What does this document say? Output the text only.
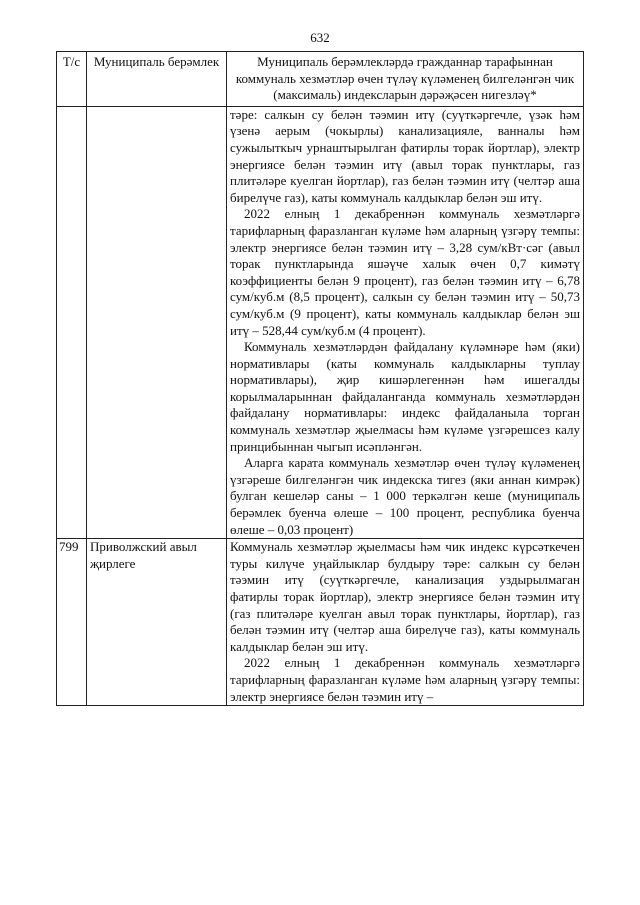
632
Т/с	Муниципаль берәмлек	Муниципаль берәмлекләрдә гражданнар тарафыннан коммуналь хезмәтләр өчен түләү күләменең билгеләнгән чик (максималь) индексларын дәрәҗәсен нигезләү*

		тәре: салкын су белән тәэмин итү (суүткәргечле, үзәк һәм үзенә аерым (чокырлы) канализацияле, ванналы һәм сужылыткыч урнаштырылган фатирлы торак йортлар), электр энергиясе белән тәэмин итү (авыл торак пунктлары, газ плитәләре куелган йортлар), газ белән тәэмин итү (челтәр аша бирелүче газ), каты коммуналь калдыклар белән эш итү.
2022 елның 1 декабреннән коммуналь хезмәтләргә тарифларның фаразланган күләме һәм аларның үзгәрү темпы: электр энергиясе белән тәэмин итү – 3,28 сум/кВт·сәг (авыл торак пунктларында яшәүче халык өчен 0,7 кимәтү коэффициенты белән 9 процент), газ белән тәэмин итү – 6,78 сум/куб.м (8,5 процент), салкын су белән тәэмин итү – 50,73 сум/куб.м (9 процент), каты коммуналь калдыклар белән эш итү – 528,44 сум/куб.м (4 процент).
Коммуналь хезмәтләрдән файдалану күләмнәре һәм (яки) нормативлары (каты коммуналь калдыкларны туплау нормативлары), җир кишәрлегеннән һәм ишегалды корылмаларыннан файдаланганда коммуналь хезмәтләрдән файдалану нормативлары: индекс файдаланыла торган коммуналь хезмәтләр җыелмасы һәм күләме үзгәрешсез калу принцибыннан чыгып исәпләнгән.
Аларга карата коммуналь хезмәтләр өчен түләү күләменең үзгәреше билгеләнгән чик индекска тигез (яки аннан кимрәк) булган кешеләр саны – 1 000 теркәлгән кеше (муниципаль берәмлек буенча өлеше – 100 процент, республика буенча өлеше – 0,03 процент)

799	Приволжский авыл җирлеге	Коммуналь хезмәтләр җыелмасы һәм чик индекс күрсәткечен туры килүче уңайлыклар булдыру тәре: салкын су белән тәэмин итү (суүткәргечле, канализация уздырылмаган фатирлы торак йортлар), электр энергиясе белән тәэмин итү (газ плитәләре куелган авыл торак пунктлары, йортлар), газ белән тәэмин итү (челтәр аша бирелүче газ), каты коммуналь калдыклар белән эш итү.
2022 елның 1 декабреннән коммуналь хезмәтләргә тарифларның фаразланган күләме һәм аларның үзгәрү темпы: электр энергиясе белән тәэмин итү –
